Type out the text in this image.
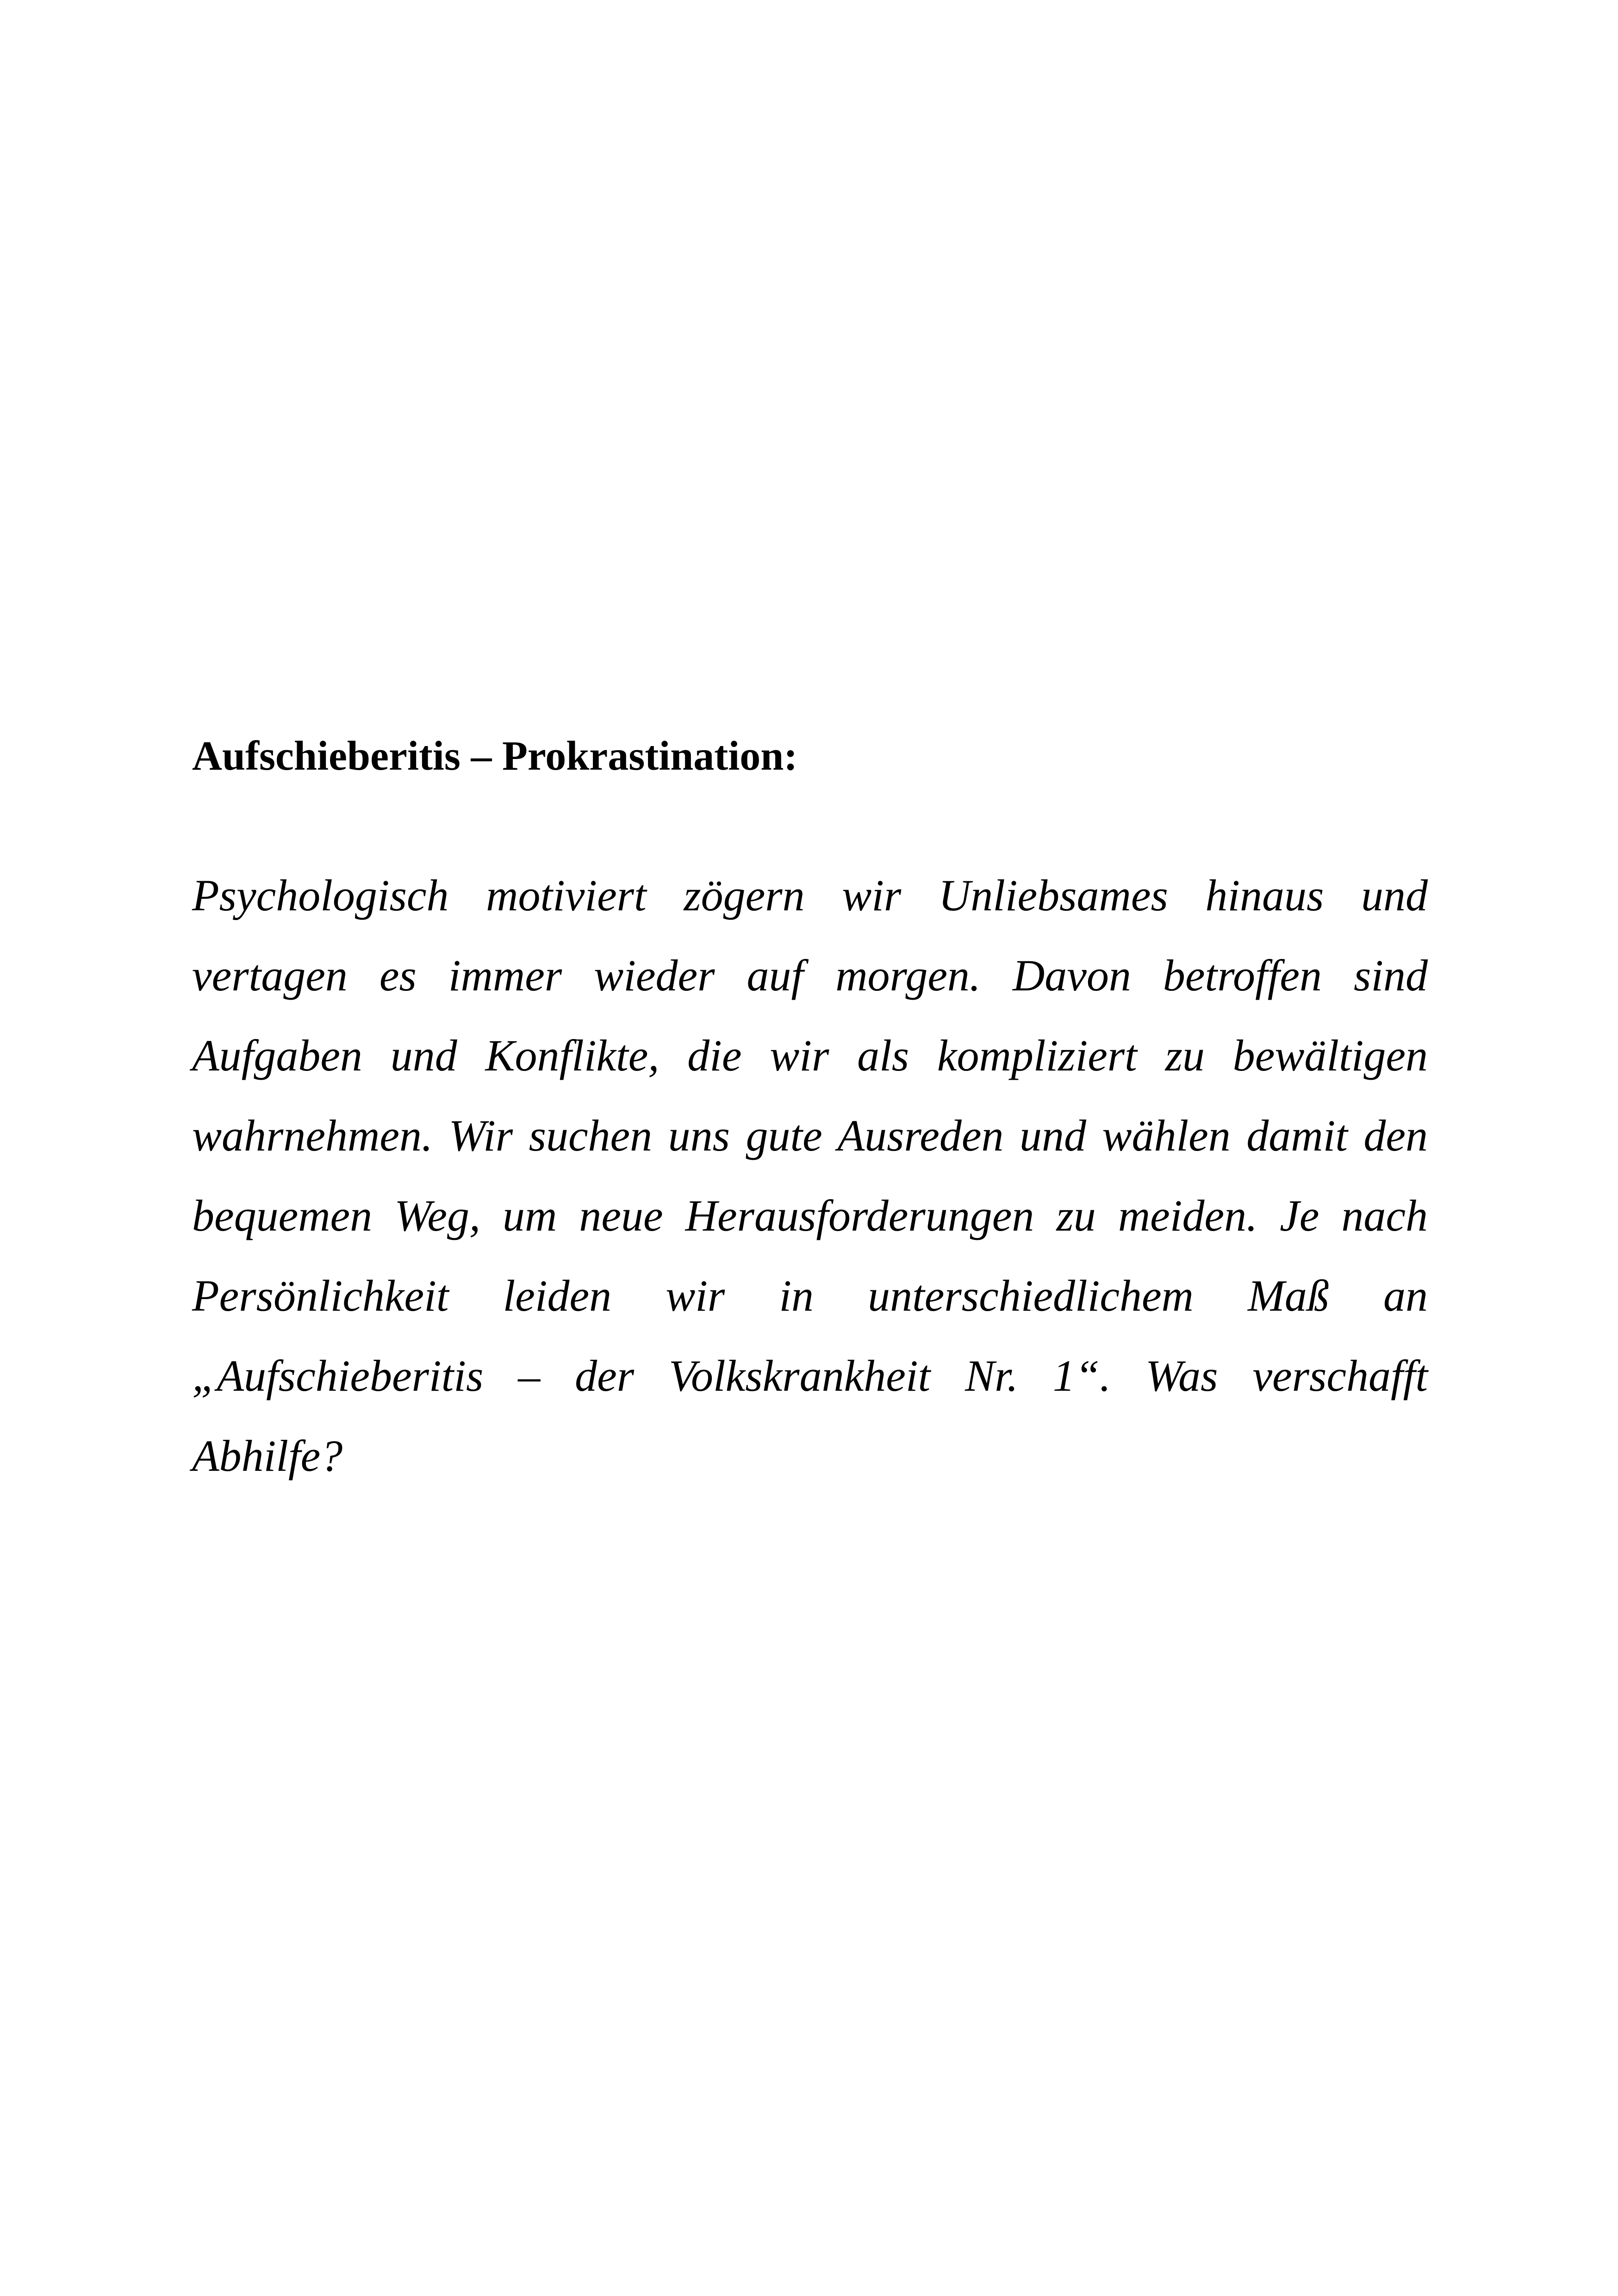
Aufschieberitis – Prokrastination:
Psychologisch motiviert zögern wir Unliebsames hinaus und
vertagen es immer wieder auf morgen. Davon betroffen sind
Aufgaben und Konflikte, die wir als kompliziert zu bewältigen
wahrnehmen. Wir suchen uns gute Ausreden und wählen damit den
bequemen Weg, um neue Herausforderungen zu meiden. Je nach
Persönlichkeit leiden wir in unterschiedlichem Maß an
„Aufschieberitis – der Volkskrankheit Nr. 1“. Was verschafft
Abhilfe?
